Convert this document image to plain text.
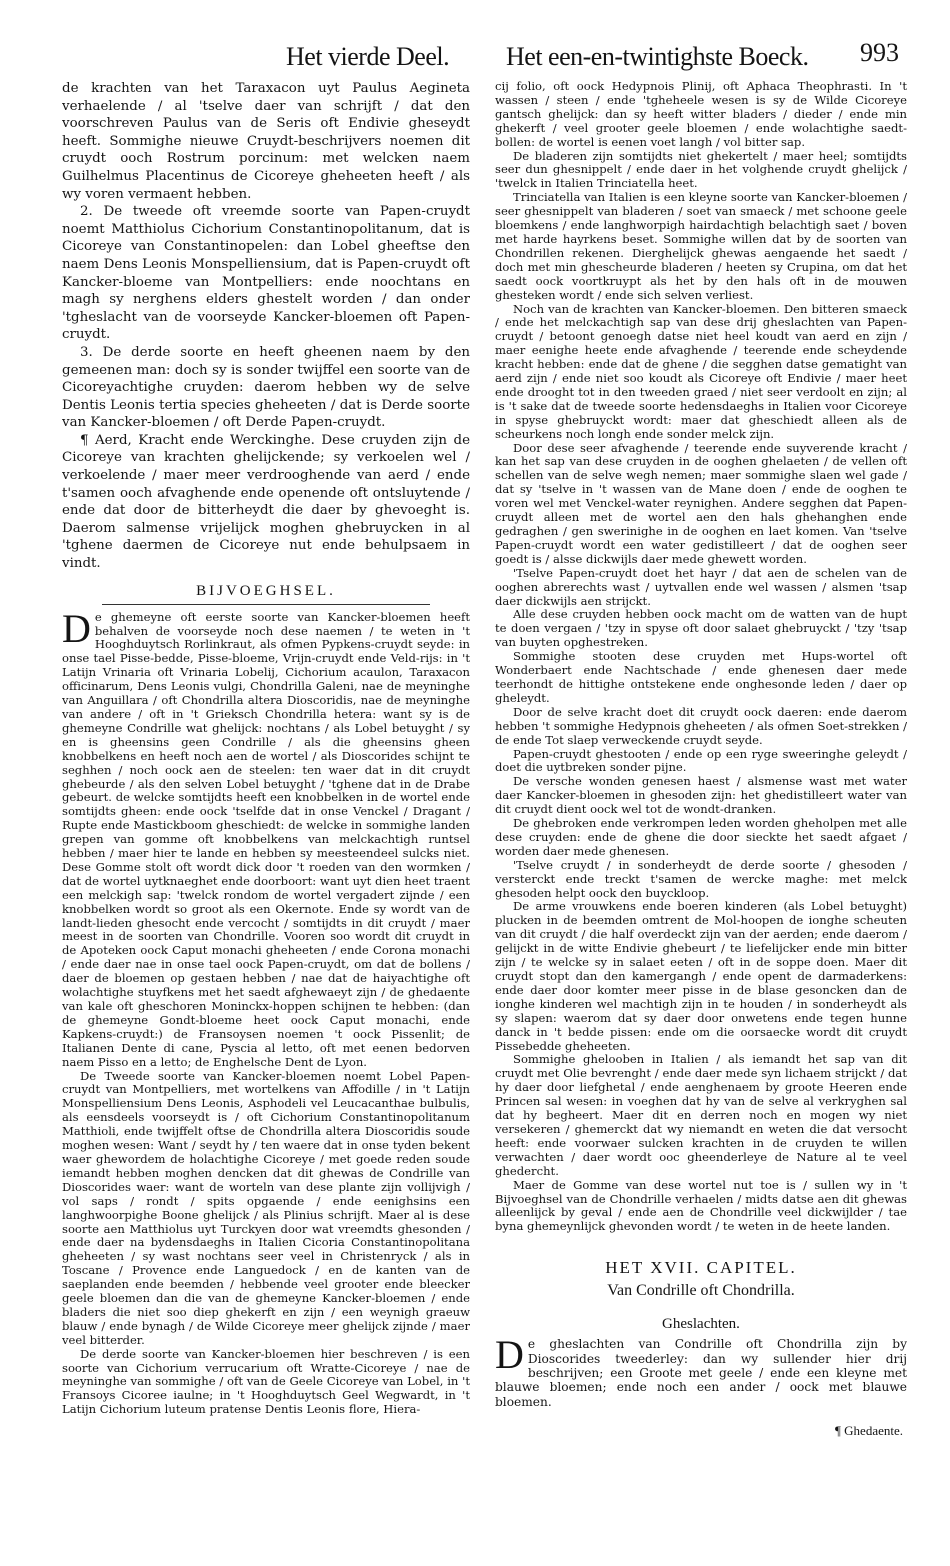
Het vierde Deel. Het een-en-twintighste Boeck. 993

de krachten van het Taraxacon uyt Paulus Aegineta verhaelende / al 'tselve daer van schrijft / dat den voorschreven Paulus van de Seris oft Endivie gheseydt heeft. Sommighe nieuwe Cruydt-beschrijvers noemen dit cruydt ooch Rostrum porcinum: met welcken naem Guilhelmus Placentinus de Cicoreye gheheeten heeft / als wy voren vermaent hebben.

2. De tweede oft vreemde soorte van Papen-cruydt noemt Matthiolus Cichorium Constantinopolitanum, dat is Cicoreye van Constantinopelen: dan Lobel gheeftse den naem Dens Leonis Monspelliensium, dat is Papen-cruydt oft Kancker-bloeme van Montpelliers: ende noochtans en magh sy nerghens elders ghestelt worden / dan onder 'tgheslacht van de voorseyde Kancker-bloemen oft Papen-cruydt.

3. De derde soorte en heeft gheenen naem by den gemeenen man: doch sy is sonder twijffel een soorte van de Cicoreyachtighe cruyden: daerom hebben wy de selve Dentis Leonis tertia species gheheeten / dat is Derde soorte van Kancker-bloemen / oft Derde Papen-cruydt.

¶ Aerd, Kracht ende Werckinghe. Dese cruyden zijn de Cicoreye van krachten ghelijckende; sy verkoelen wel / verkoelende / maer meer verdrooghende van aerd / ende t'samen ooch afvaghende ende openende oft ontsluytende / ende dat door de bitterheydt die daer by ghevoeght is. Daerom salmense vrijelijck moghen ghebruycken in al 'tghene daermen de Cicoreye nut ende behulpsaem in vindt.

BIJVOEGHSEL.

De ghemeyne oft eerste soorte van Kancker-bloemen heeft behalven de voorseyde noch dese naemen / te weten in 't Hooghduytsch Rorlinkraut, als ofmen Pypkens-cruydt seyde: in onse tael Pisse-bedde, Pisse-bloeme, Vrijn-cruydt ende Veld-rijs: in 't Latijn Vrinaria oft Vrinaria Lobelij, Cichorium acaulon, Taraxacon officinarum, Dens Leonis vulgi, Chondrilla Galeni, nae de meyninghe van Anguillara / oft Chondrilla altera Dioscoridis, nae de meyninghe van andere / oft in 't Grieksch Chondrilla hetera: want sy is de ghemeyne Condrille wat ghelijck: nochtans / als Lobel betuyght / sy en is gheensins geen Condrille / als die gheensins gheen knobbelkens en heeft noch aen de wortel / als Dioscorides schijnt te seghhen / noch oock aen de steelen: ten waer dat in dit cruydt ghebeurde / als den selven Lobel betuyght / 'tghene dat in de Drabe gebeurt. de welcke somtijdts heeft een knobbelken in de wortel ende somtijdts gheen: ende oock 'tselfde dat in onse Venckel / Dragant / Rupte ende Mastickboom gheschiedt: de welcke in sommighe landen grepen van gomme oft knobbelkens van melckachtigh runtsel hebben / maer hier te lande en hebben sy meesteendeel sulcks niet. Dese Gomme stolt oft wordt dick door 't roeden van den wormken / dat de wortel uytknaeghet ende doorboort: want uyt dien heet traent een melckigh sap: 'twelck rondom de wortel vergadert zijnde / een knobbelken wordt so groot als een Okernote. Ende sy wordt van de landt-lieden ghesocht ende vercocht / somtijdts in dit cruydt / maer meest in de soorten van Chondrille. Vooren soo wordt dit cruydt in de Apoteken oock Caput monachi gheheeten / ende Corona monachi / ende daer nae in onse tael oock Papen-cruydt, om dat de bollens / daer de bloemen op gestaen hebben / nae dat de haiyachtighe oft wolachtighe stuyfkens met het saedt afghewaeyt zijn / de ghedaente van kale oft gheschoren Moninckx-hoppen schijnen te hebben: (dan de ghemeyne Gondt-bloeme heet oock Caput monachi, ende Kapkens-cruydt:) de Fransoysen noemen 't oock Pissenlit; de Italianen Dente di cane, Pyscia al letto, oft met eenen bedorven naem Pisso en a letto; de Enghelsche Dent de Lyon.

De Tweede soorte van Kancker-bloemen noemt Lobel Papen-cruydt van Montpelliers, met wortelkens van Affodille / in 't Latijn Monspelliensium Dens Leonis, Asphodeli vel Leucacanthae bulbulis, als eensdeels voorseydt is / oft Cichorium Constantinopolitanum Matthioli, ende twijffelt oftse de Chondrilla altera Dioscoridis soude moghen wesen: Want / seydt hy / ten waere dat in onse tyden bekent waer ghewordem de holachtighe Cicoreye / met goede reden soude iemandt hebben moghen dencken dat dit ghewas de Condrille van Dioscorides waer: want de worteln van dese plante zijn vollijvigh / vol saps / rondt / spits opgaende / ende eenighsins een langhwoorpighe Boone ghelijck / als Plinius schrijft. Maer al is dese soorte aen Matthiolus uyt Turckyen door wat vreemdts ghesonden / ende daer na bydensdaeghs in Italien Cicoria Constantinopolitana gheheeten / sy wast nochtans seer veel in Christenryck / als in Toscane / Provence ende Languedock / en de kanten van de saeplanden ende beemden / hebbende veel grooter ende bleecker geele bloemen dan die van de ghemeyne Kancker-bloemen / ende bladers die niet soo diep ghekerft en zijn / een weynigh graeuw blauw / ende bynagh / de Wilde Cicoreye meer ghelijck zijnde / maer veel bitterder.

De derde soorte van Kancker-bloemen hier beschreven / is een soorte van Cichorium verrucarium oft Wratte-Cicoreye / nae de meyninghe van sommighe / oft van de Geele Cicoreye van Lobel, in 't Fransoys Cicoree iaulne; in 't Hooghduytsch Geel Wegwardt, in 't Latijn Cichorium luteum pratense Dentis Leonis flore, Hiera-

cij folio, oft oock Hedypnois Plinij, oft Aphaca Theophrasti. In 't wassen / steen / ende 'tgheheele wesen is sy de Wilde Cicoreye gantsch ghelijck: dan sy heeft witter bladers / dieder / ende min ghekerft / veel grooter geele bloemen / ende wolachtighe saedt-bollen: de wortel is eenen voet langh / vol bitter sap.

De bladeren zijn somtijdts niet ghekertelt / maer heel; somtijdts seer dun ghesnippelt / ende daer in het volghende cruydt ghelijck / 'twelck in Italien Trinciatella heet.

Trinciatella van Italien is een kleyne soorte van Kancker-bloemen / seer ghesnippelt van bladeren / soet van smaeck / met schoone geele bloemkens / ende langhworpigh hairdachtigh belachtigh saet / boven met harde hayrkens beset. Sommighe willen dat by de soorten van Chondrillen rekenen. Dierghelijck ghewas aengaende het saedt / doch met min ghescheurde bladeren / heeten sy Crupina, om dat het saedt oock voortkruypt als het by den hals oft in de mouwen ghesteken wordt / ende sich selven verliest.

Noch van de krachten van Kancker-bloemen. Den bitteren smaeck / ende het melckachtigh sap van dese drij gheslachten van Papen-cruydt / betoont genoegh datse niet heel koudt van aerd en zijn / maer eenighe heete ende afvaghende / teerende ende scheydende kracht hebben: ende dat de ghene / die segghen datse gematight van aerd zijn / ende niet soo koudt als Cicoreye oft Endivie / maer heet ende drooght tot in den tweeden graed / niet seer verdoolt en zijn; al is 't sake dat de tweede soorte hedensdaeghs in Italien voor Cicoreye in spyse ghebruyckt wordt: maer dat gheschiedt alleen als de scheurkens noch longh ende sonder melck zijn.

Door dese seer afvaghende / teerende ende suyverende kracht / kan het sap van dese cruyden in de ooghen ghelaeten / de vellen oft schellen van de selve wegh nemen; maer sommighe slaen wel gade / dat sy 'tselve in 't wassen van de Mane doen / ende de ooghen te voren wel met Venckel-water reynighen. Andere segghen dat Papen-cruydt alleen met de wortel aen den hals ghehanghen ende gedraghen / gen swerinighe in de ooghen en laet komen. Van 'tselve Papen-cruydt wordt een water gedistilleert / dat de ooghen seer goedt is / alsse dickwijls daer mede ghewett worden.

'Tselve Papen-cruydt doet het hayr / dat aen de schelen van de ooghen abrerechts wast / uytvallen ende wel wassen / alsmen 'tsap daer dickwijls aen strijckt.

Alle dese cruyden hebben oock macht om de watten van de hupt te doen vergaen / 'tzy in spyse oft door salaet ghebruyckt / 'tzy 'tsap van buyten opghestreken.

Sommighe stooten dese cruyden met Hups-wortel oft Wonderbaert ende Nachtschade / ende ghenesen daer mede teerhondt de hittighe ontstekene ende onghesonde leden / daer op gheleydt.

Door de selve kracht doet dit cruydt oock daeren: ende daerom hebben 't sommighe Hedypnois gheheeten / als ofmen Soet-strekken / de ende Tot slaep verweckende cruydt seyde.

Papen-cruydt ghestooten / ende op een ryge sweeringhe geleydt / doet die uytbreken sonder pijne.

De versche wonden genesen haest / alsmense wast met water daer Kancker-bloemen in ghesoden zijn: het ghedistilleert water van dit cruydt dient oock wel tot de wondt-dranken.

De ghebroken ende verkrompen leden worden gheholpen met alle dese cruyden: ende de ghene die door sieckte het saedt afgaet / worden daer mede ghenesen.

'Tselve cruydt / in sonderheydt de derde soorte / ghesoden / versterckt ende treckt t'samen de wercke maghe: met melck ghesoden helpt oock den buyckloop.

De arme vrouwkens ende boeren kinderen (als Lobel betuyght) plucken in de beemden omtrent de Mol-hoopen de ionghe scheuten van dit cruydt / die half overdeckt zijn van der aerden; ende daerom / gelijckt in de witte Endivie ghebeurt / te liefelijcker ende min bitter zijn / te welcke sy in salaet eeten / oft in de soppe doen. Maer dit cruydt stopt dan den kamergangh / ende opent de darmaderkens: ende daer door komter meer pisse in de blase gesoncken dan de ionghe kinderen wel machtigh zijn in te houden / in sonderheydt als sy slapen: waerom dat sy daer door onwetens ende tegen hunne danck in 't bedde pissen: ende om die oorsaecke wordt dit cruydt Pissebedde gheheeten.

Sommighe ghelooben in Italien / als iemandt het sap van dit cruydt met Olie bevrenght / ende daer mede syn lichaem strijckt / dat hy daer door liefghetal / ende aenghenaem by groote Heeren ende Princen sal wesen: in voeghen dat hy van de selve al verkryghen sal dat hy begheert. Maer dit en derren noch en mogen wy niet versekeren / ghemerckt dat wy niemandt en weten die dat versocht heeft: ende voorwaer sulcken krachten in de cruyden te willen verwachten / daer wordt ooc gheenderleye de Nature al te veel ghedercht.

Maer de Gomme van dese wortel nut toe is / sullen wy in 't Bijvoeghsel van de Chondrille verhaelen / midts datse aen dit ghewas alleenlijck by geval / ende aen de Chondrille veel dickwijlder / tae byna ghemeynlijck ghevonden wordt / te weten in de heete landen.

HET XVII. CAPITEL.
Van Condrille oft Chondrilla.
Gheslachten.

De gheslachten van Condrille oft Chondrilla zijn by Dioscorides tweederley: dan wy sullender hier drij beschrijven; een Groote met geele / ende een kleyne met blauwe bloemen; ende noch een ander / oock met blauwe bloemen.

¶ Ghedaente.
